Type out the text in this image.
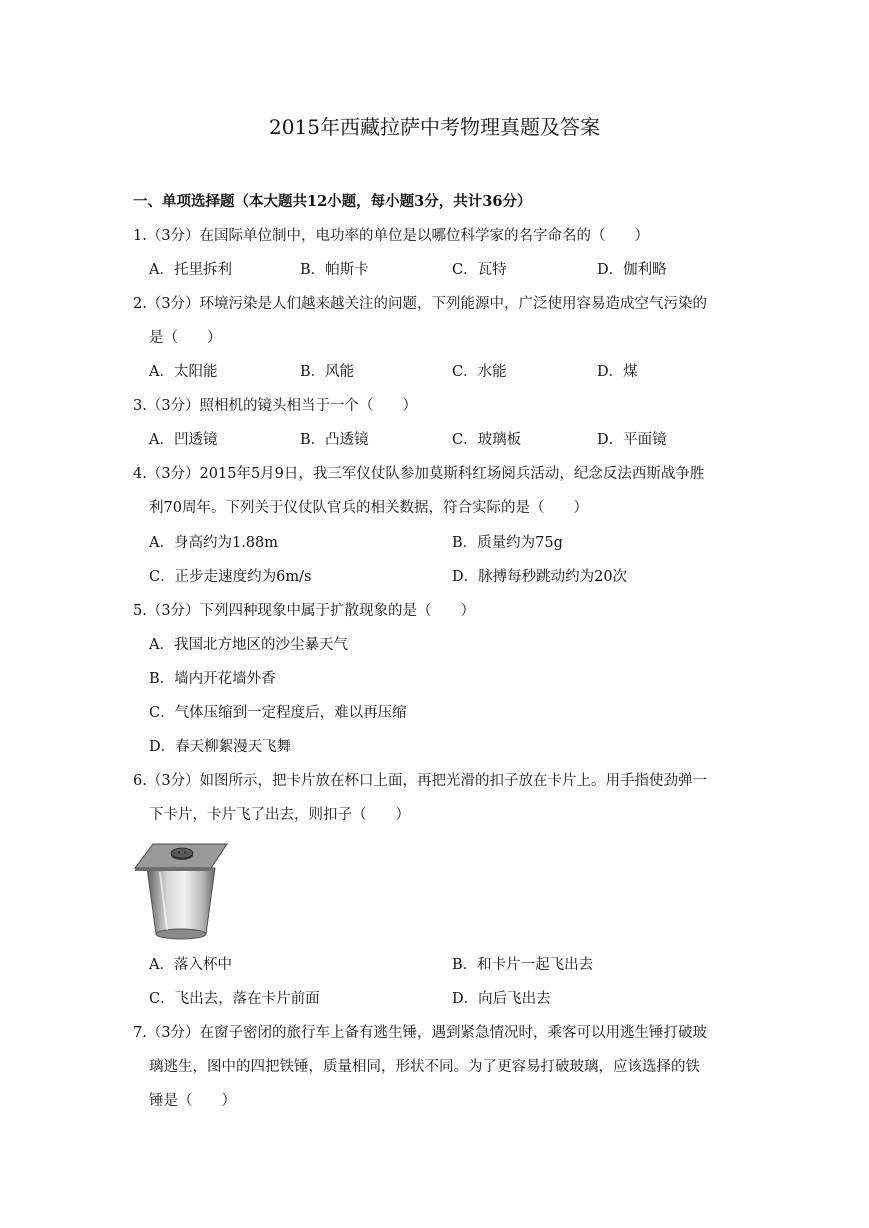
2015年西藏拉萨中考物理真题及答案
一、单项选择题（本大题共12小题，每小题3分，共计36分）
1.（3分）在国际单位制中，电功率的单位是以哪位科学家的名字命名的（　　）
A．托里拆利	B．帕斯卡	C．瓦特	D．伽利略
2.（3分）环境污染是人们越来越关注的问题，下列能源中，广泛使用容易造成空气污染的
是（　　）
A．太阳能	B．风能	C．水能	D．煤
3.（3分）照相机的镜头相当于一个（　　）
A．凹透镜	B．凸透镜	C．玻璃板	D．平面镜
4.（3分）2015年5月9日，我三军仪仗队参加莫斯科红场阅兵活动，纪念反法西斯战争胜
利70周年。下列关于仪仗队官兵的相关数据，符合实际的是（　　）
A．身高约为1.88m	B．质量约为75g
C．正步走速度约为6m/s	D．脉搏每秒跳动约为20次
5.（3分）下列四种现象中属于扩散现象的是（　　）
A．我国北方地区的沙尘暴天气
B．墙内开花墙外香
C．气体压缩到一定程度后，难以再压缩
D．春天柳絮漫天飞舞
6.（3分）如图所示，把卡片放在杯口上面，再把光滑的扣子放在卡片上。用手指使劲弹一
下卡片，卡片飞了出去，则扣子（　　）
A．落入杯中	B．和卡片一起飞出去
C．飞出去，落在卡片前面	D．向后飞出去
7.（3分）在窗子密闭的旅行车上备有逃生锤，遇到紧急情况时，乘客可以用逃生锤打破玻
璃逃生，图中的四把铁锤，质量相同，形状不同。为了更容易打破玻璃，应该选择的铁
锤是（　　）
